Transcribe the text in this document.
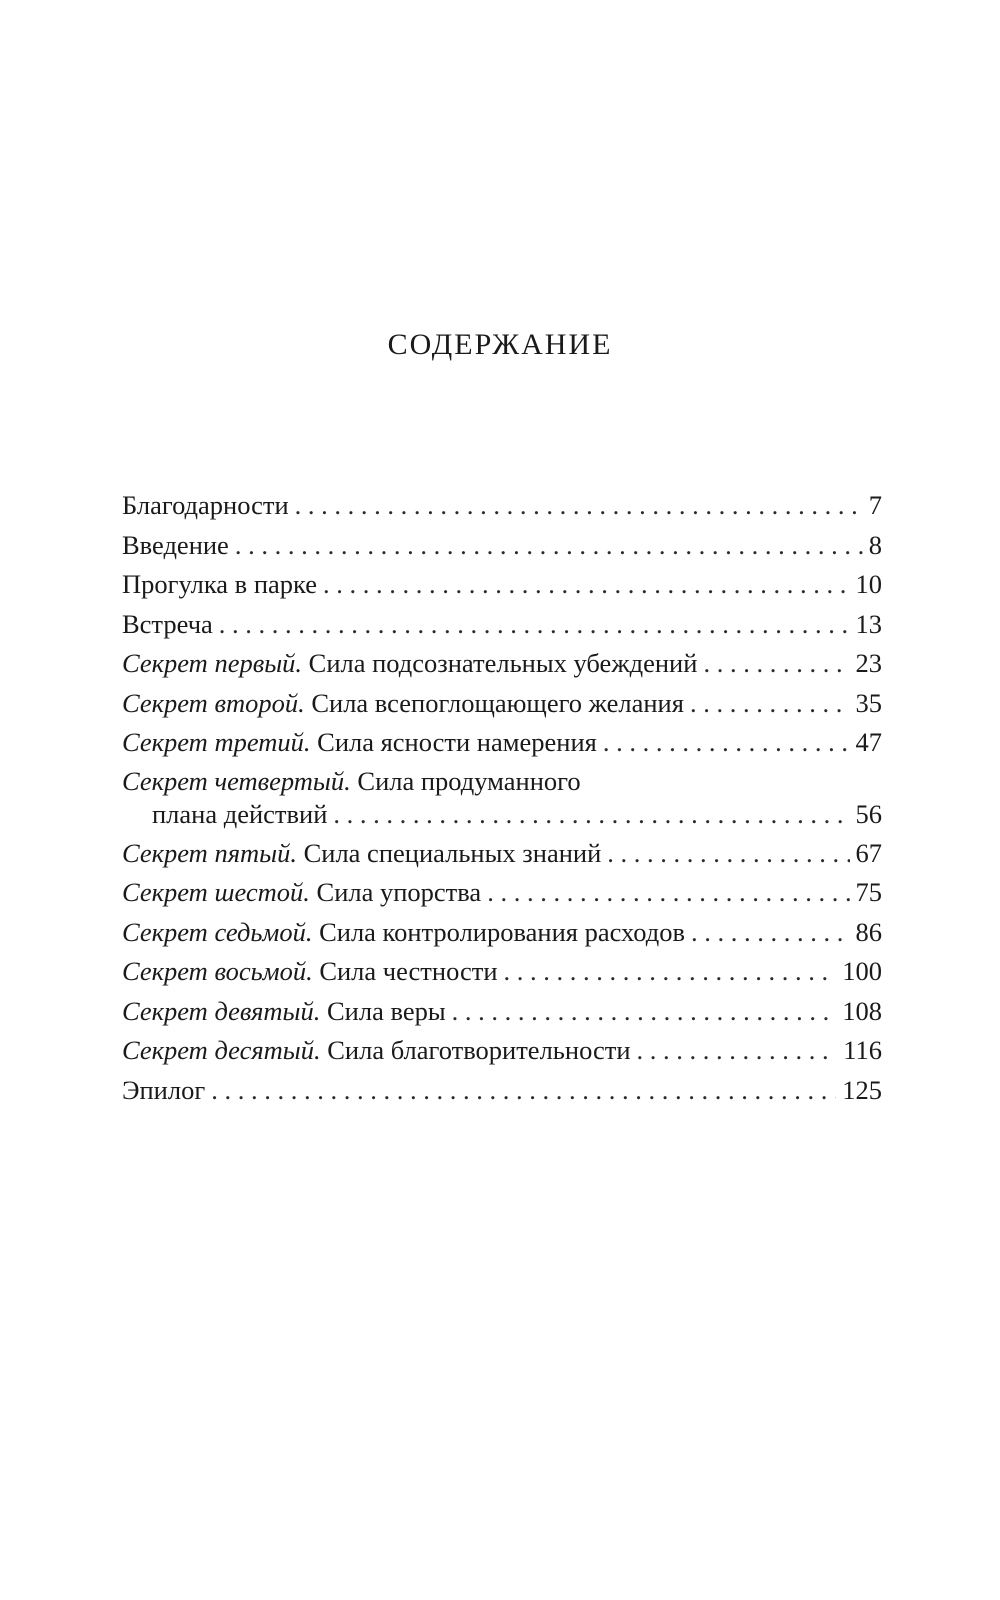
СОДЕРЖАНИЕ
Благодарности . . .	7
Введение . . .	8
Прогулка в парке . . .	10
Встреча . . .	13
Секрет первый. Сила подсознательных убеждений . . .	23
Секрет второй. Сила всепоглощающего желания . . .	35
Секрет третий. Сила ясности намерения . . .	47
Секрет четвертый. Сила продуманного
плана действий . . .	56
Секрет пятый. Сила специальных знаний . . .	67
Секрет шестой. Сила упорства . . .	75
Секрет седьмой. Сила контролирования расходов . . .	86
Секрет восьмой. Сила честности . . .	100
Секрет девятый. Сила веры . . .	108
Секрет десятый. Сила благотворительности . . .	116
Эпилог . . .	125
